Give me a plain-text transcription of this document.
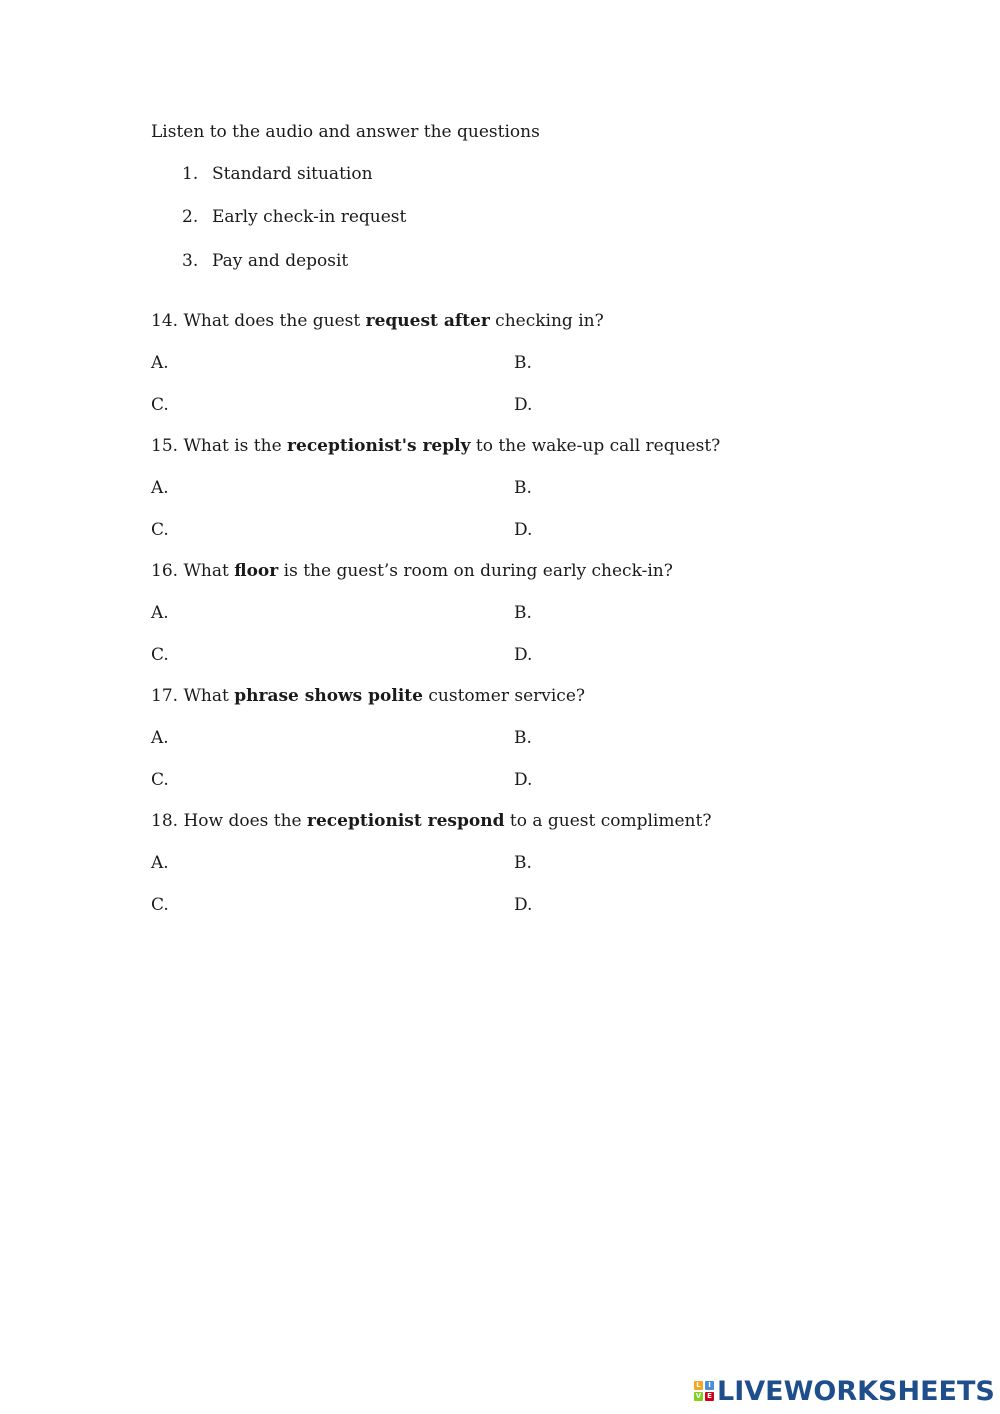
Listen to the audio and answer the questions
1. Standard situation
2. Early check-in request
3. Pay and deposit
14. What does the guest request after checking in?
A.	B.
C.	D.
15. What is the receptionist's reply to the wake-up call request?
A.	B.
C.	D.
16. What floor is the guest’s room on during early check-in?
A.	B.
C.	D.
17. What phrase shows polite customer service?
A.	B.
C.	D.
18. How does the receptionist respond to a guest compliment?
A.	B.
C.	D.
L	I
V E LIVEWORKSHEETS
